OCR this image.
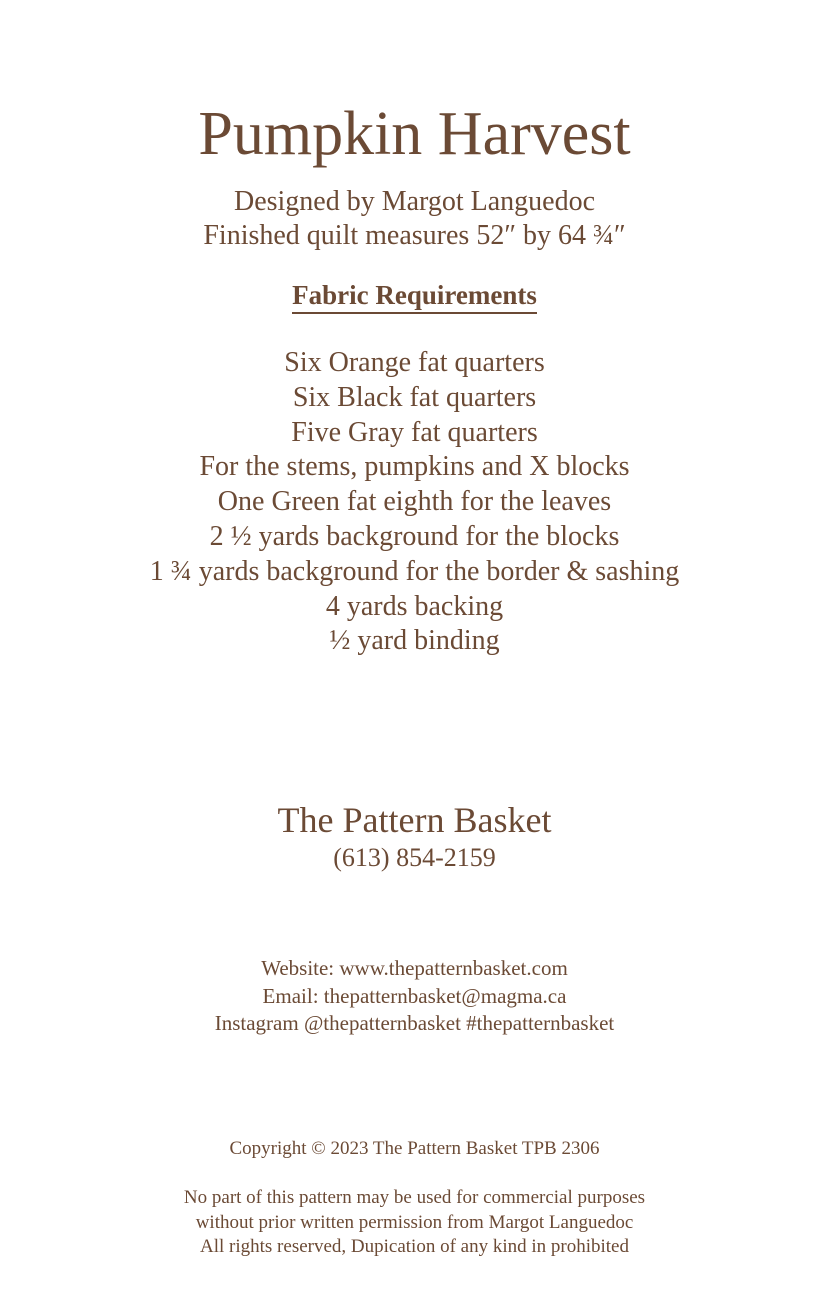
Pumpkin Harvest
Designed by Margot Languedoc
Finished quilt measures 52″ by 64 ¾″
Fabric Requirements
Six Orange fat quarters
Six Black fat quarters
Five Gray fat quarters
For the stems, pumpkins and X blocks
One Green fat eighth for the leaves
2 ½ yards background for the blocks
1 ¾ yards background for the border & sashing
4 yards backing
½ yard binding
The Pattern Basket
(613) 854-2159
Website: www.thepatternbasket.com
Email: thepatternbasket@magma.ca
Instagram @thepatternbasket #thepatternbasket
Copyright © 2023 The Pattern Basket TPB 2306
No part of this pattern may be used for commercial purposes
without prior written permission from Margot Languedoc
All rights reserved, Dupication of any kind in prohibited
